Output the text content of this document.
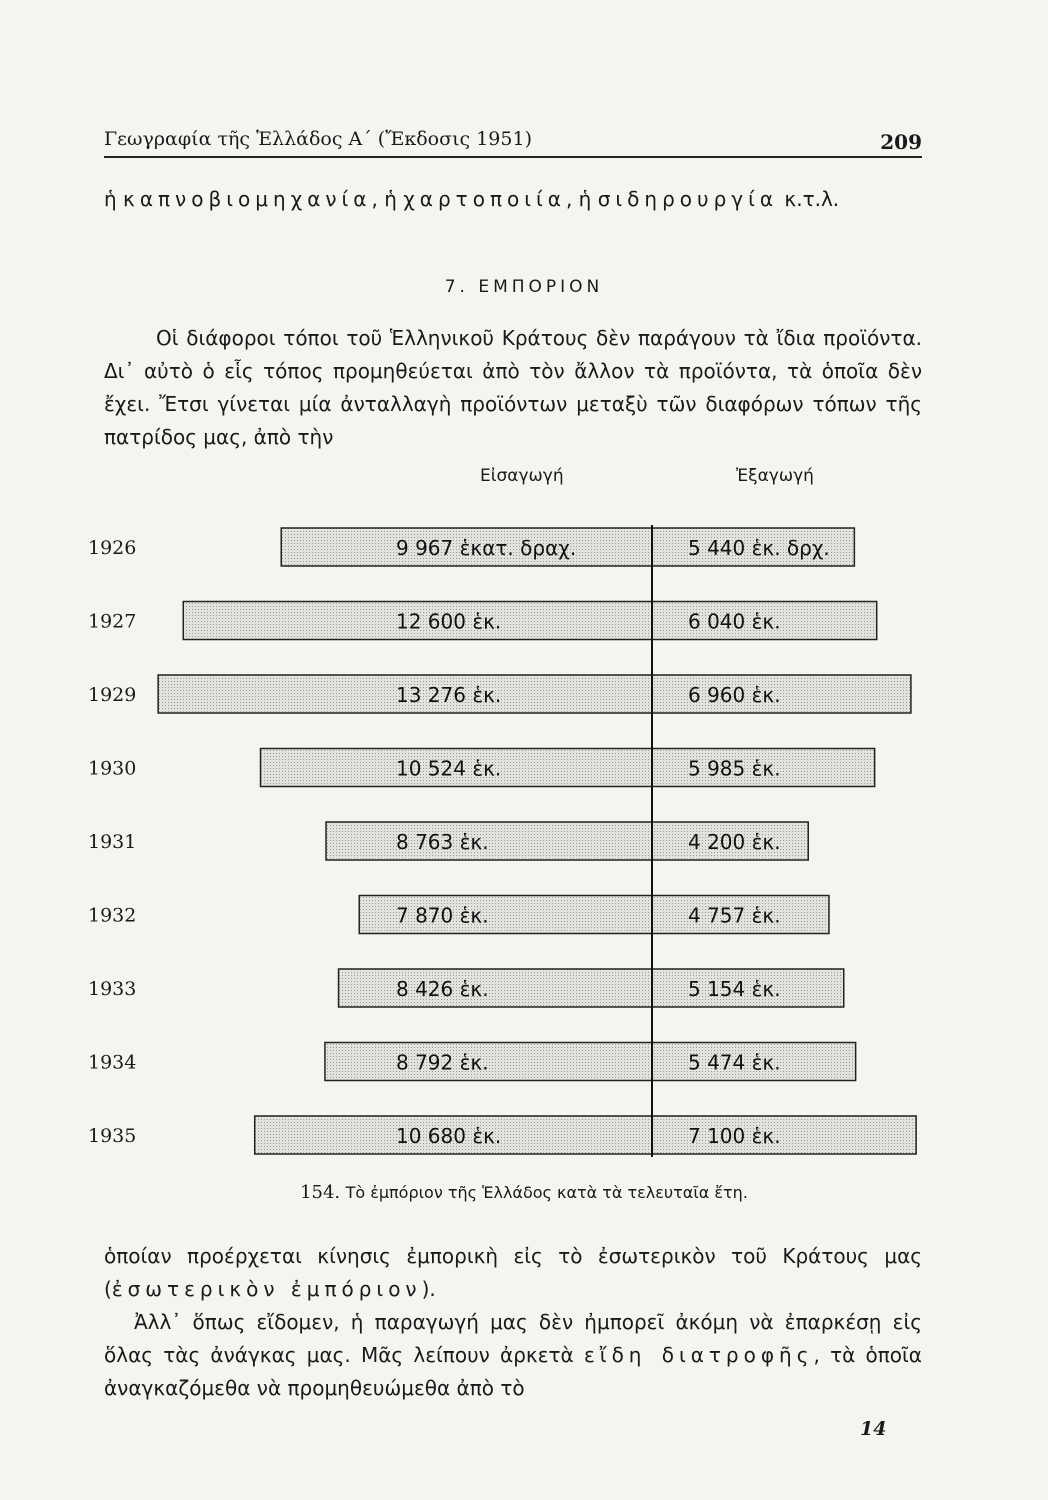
Γεωγραφία τῆς Ἑλλάδος Α΄ (Ἔκδοσις 1951)	209

ἡ καπνοβιομηχανία, ἡ χαρτοποιία, ἡ σιδηρουργία κ.τ.λ.

7. ΕΜΠΟΡΙΟΝ

Οἱ διάφοροι τόποι τοῦ Ἑλληνικοῦ Κράτους δὲν παράγουν τὰ ἴδια προϊόντα. Δι᾽ αὐτὸ ὁ εἷς τόπος προμηθεύεται ἀπὸ τὸν ἄλλον τὰ προϊόντα, τὰ ὁποῖα δὲν ἔχει. Ἔτσι γίνεται μία ἀνταλλαγὴ προϊόντων μεταξὺ τῶν διαφόρων τόπων τῆς πατρίδος μας, ἀπὸ τὴν

Εἰσαγωγή	Ἐξαγωγή
1926	9 967 ἑκατ. δραχ.	5 440 ἑκ. δρχ.
1927	12 600 ἑκ.	6 040 ἑκ.
1929	13 276 ἑκ.	6 960 ἑκ.
1930	10 524 ἑκ.	5 985 ἑκ.
1931	8 763 ἑκ.	4 200 ἑκ.
1932	7 870 ἑκ.	4 757 ἑκ.
1933	8 426 ἑκ.	5 154 ἑκ.
1934	8 792 ἑκ.	5 474 ἑκ.
1935	10 680 ἑκ.	7 100 ἑκ.
154. Τὸ ἐμπόριον τῆς Ἑλλάδος κατὰ τὰ τελευταῖα ἔτη.

ὁποίαν προέρχεται κίνησις ἐμπορικὴ εἰς τὸ ἐσωτερικὸν τοῦ Κράτους μας (ἐσωτερικὸν ἐμπόριον).

Ἀλλ᾽ ὅπως εἴδομεν, ἡ παραγωγή μας δὲν ἠμπορεῖ ἀκόμη νὰ ἐπαρκέσῃ εἰς ὅλας τὰς ἀνάγκας μας. Μᾶς λείπουν ἀρκετὰ εἴδη διατροφῆς, τὰ ὁποῖα ἀναγκαζόμεθα νὰ προμηθευώμεθα ἀπὸ τὸ

14
